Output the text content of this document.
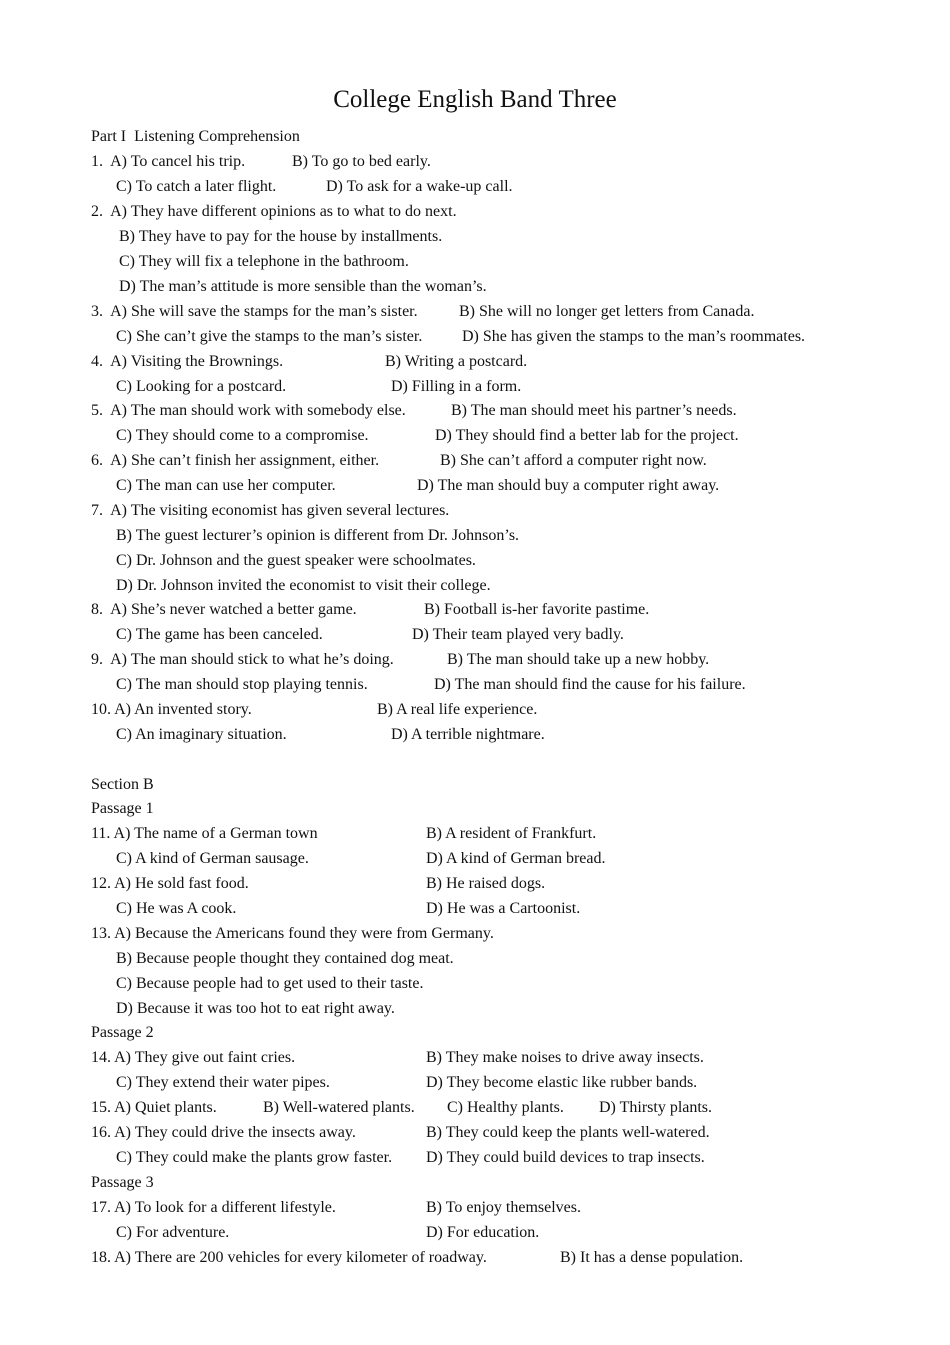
College English Band Three
Part I  Listening Comprehension

1.  A) To cancel his trip.

	B) To go to bed early.

C) To catch a later flight.

	D) To ask for a wake-up call.

2.  A) They have different opinions as to what to do next.
B) They have to pay for the house by installments.
C) They will fix a telephone in the bathroom.
D) The man’s attitude is more sensible than the woman’s.

3.  A) She will save the stamps for the man’s sister.

	B) She will no longer get letters from Canada.

C) She can’t give the stamps to the man’s sister.

D) She has given the stamps to the man’s roommates.

4.  A) Visiting the Brownings.

	B) Writing a postcard.

C) Looking for a postcard.

	D) Filling in a form.

5.  A) The man should work with somebody else.

	B) The man should meet his partner’s needs.

C) They should come to a compromise.

	D) They should find a better lab for the project.

6.  A) She can’t finish her assignment, either.

	B) She can’t afford a computer right now.

C) The man can use her computer.

	D) The man should buy a computer right away.

7.  A) The visiting economist has given several lectures.
B) The guest lecturer’s opinion is different from Dr. Johnson’s.
C) Dr. Johnson and the guest speaker were schoolmates.
D) Dr. Johnson invited the economist to visit their college.

8.  A) She’s never watched a better game.

	B) Football is-her favorite pastime.

C) The game has been canceled.

	D) Their team played very badly.

9.  A) The man should stick to what he’s doing.

	B) The man should take up a new hobby.

C) The man should stop playing tennis.

	D) The man should find the cause for his failure.

10. A) An invented story.

	B) A real life experience.

C) An imaginary situation.

	D) A terrible nightmare.

Section B
Passage 1

11. A) The name of a German town

	B) A resident of Frankfurt.

C) A kind of German sausage.

	D) A kind of German bread.

12. A) He sold fast food.

	B) He raised dogs.

C) He was A cook.

	D) He was a Cartoonist.

13. A) Because the Americans found they were from Germany.
B) Because people thought they contained dog meat.
C) Because people had to get used to their taste.
D) Because it was too hot to eat right away.
Passage 2

14. A) They give out faint cries.

	B) They make noises to drive away insects.

C) They extend their water pipes.

	D) They become elastic like rubber bands.

15. A) Quiet plants.

	B) Well-watered plants.

C) Healthy plants.

D) Thirsty plants.

16. A) They could drive the insects away.

	B) They could keep the plants well-watered.

C) They could make the plants grow faster.

D) They could build devices to trap insects.

Passage 3

17. A) To look for a different lifestyle.

	B) To enjoy themselves.

C) For adventure.

	D) For education.

18. A) There are 200 vehicles for every kilometer of roadway.

	B) It has a dense population.
